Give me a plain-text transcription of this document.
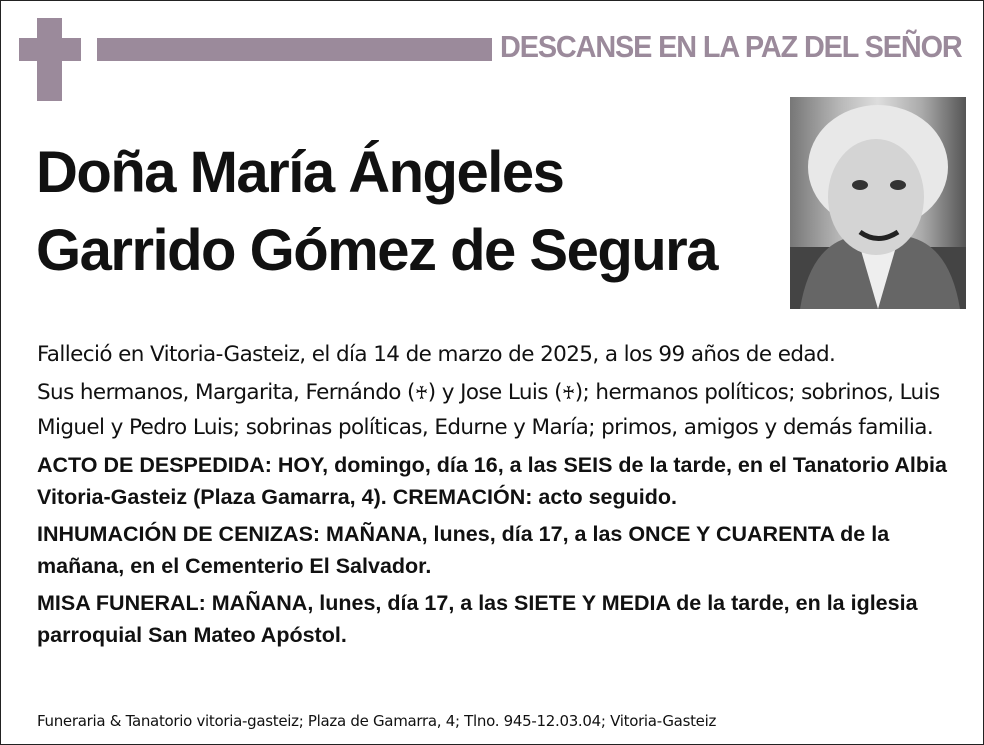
DESCANSE EN LA PAZ DEL SEÑOR
Doña María Ángeles
Garrido Gómez de Segura

Falleció en Vitoria-Gasteiz, el día 14 de marzo de 2025, a los 99 años de edad.

Sus hermanos, Margarita, Fernándo (♰) y Jose Luis (♰); hermanos políticos; sobrinos, Luis Miguel y Pedro Luis; sobrinas políticas, Edurne y María; primos, amigos y demás familia.

ACTO DE DESPEDIDA: HOY, domingo, día 16, a las SEIS de la tarde, en el Tanatorio Albia Vitoria-Gasteiz (Plaza Gamarra, 4). CREMACIÓN: acto seguido.

INHUMACIÓN DE CENIZAS: MAÑANA, lunes, día 17, a las ONCE Y CUARENTA de la mañana, en el Cementerio El Salvador.

MISA FUNERAL: MAÑANA, lunes, día 17, a las SIETE Y MEDIA de la tarde, en la iglesia parroquial San Mateo Apóstol.

Funeraria & Tanatorio vitoria-gasteiz; Plaza de Gamarra, 4; Tlno. 945-12.03.04; Vitoria-Gasteiz
